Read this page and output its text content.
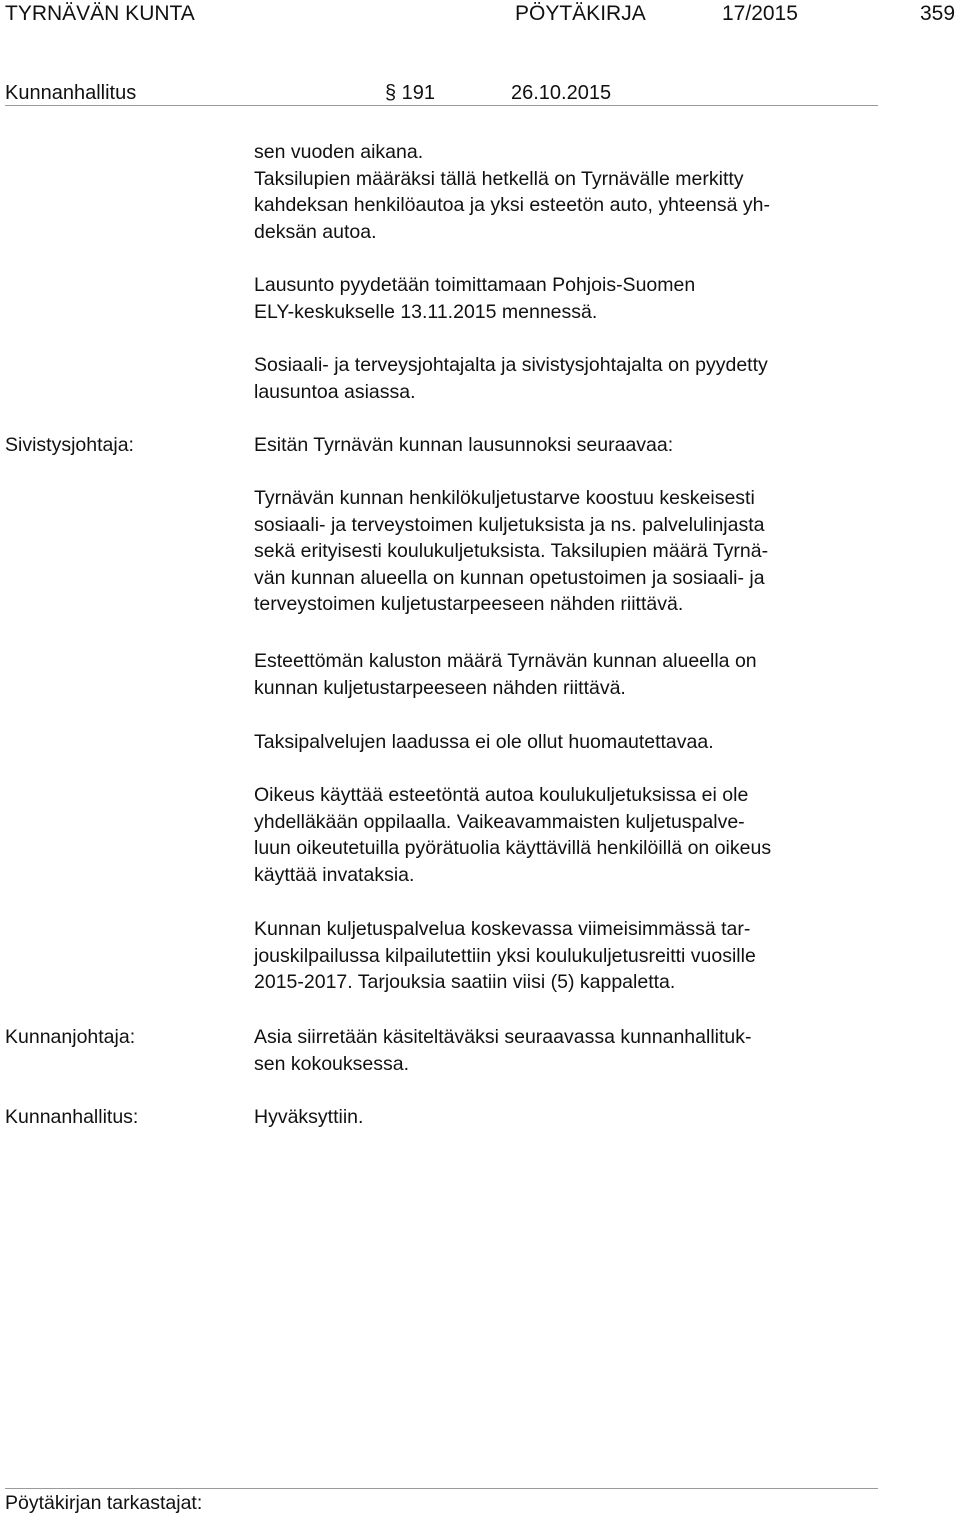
TYRNÄVÄN KUNTA	PÖYTÄKIRJA	17/2015	359
Kunnanhallitus	§ 191	26.10.2015

sen vuoden aikana.

Taksilupien määräksi tällä hetkellä on Tyrnävälle merkitty

kahdeksan henkilöautoa ja yksi esteetön auto, yhteensä yh-

deksän autoa.

Lausunto pyydetään toimittamaan Pohjois-Suomen

ELY-keskukselle 13.11.2015 mennessä.

Sosiaali- ja terveysjohtajalta ja sivistysjohtajalta on pyydetty

lausuntoa asiassa.

Sivistysjohtaja:	Esitän Tyrnävän kunnan lausunnoksi seuraavaa:

Tyrnävän kunnan henkilökuljetustarve koostuu keskeisesti

sosiaali- ja terveystoimen kuljetuksista ja ns. palvelulinjasta

sekä erityisesti koulukuljetuksista. Taksilupien määrä Tyrnä-

vän kunnan alueella on kunnan opetustoimen ja sosiaali- ja

terveystoimen kuljetustarpeeseen nähden riittävä.

Esteettömän kaluston määrä Tyrnävän kunnan alueella on

kunnan kuljetustarpeeseen nähden riittävä.

Taksipalvelujen laadussa ei ole ollut huomautettavaa.

Oikeus käyttää esteetöntä autoa koulukuljetuksissa ei ole

yhdelläkään oppilaalla. Vaikeavammaisten kuljetuspalve-

luun oikeutetuilla pyörätuolia käyttävillä henkilöillä on oikeus

käyttää invataksia.

Kunnan kuljetuspalvelua koskevassa viimeisimmässä tar-

jouskilpailussa kilpailutettiin yksi koulukuljetusreitti vuosille

2015-2017. Tarjouksia saatiin viisi (5) kappaletta.

Kunnanjohtaja:	Asia siirretään käsiteltäväksi seuraavassa kunnanhallituk-

sen kokouksessa.

Kunnanhallitus:	Hyväksyttiin.

Pöytäkirjan tarkastajat:
